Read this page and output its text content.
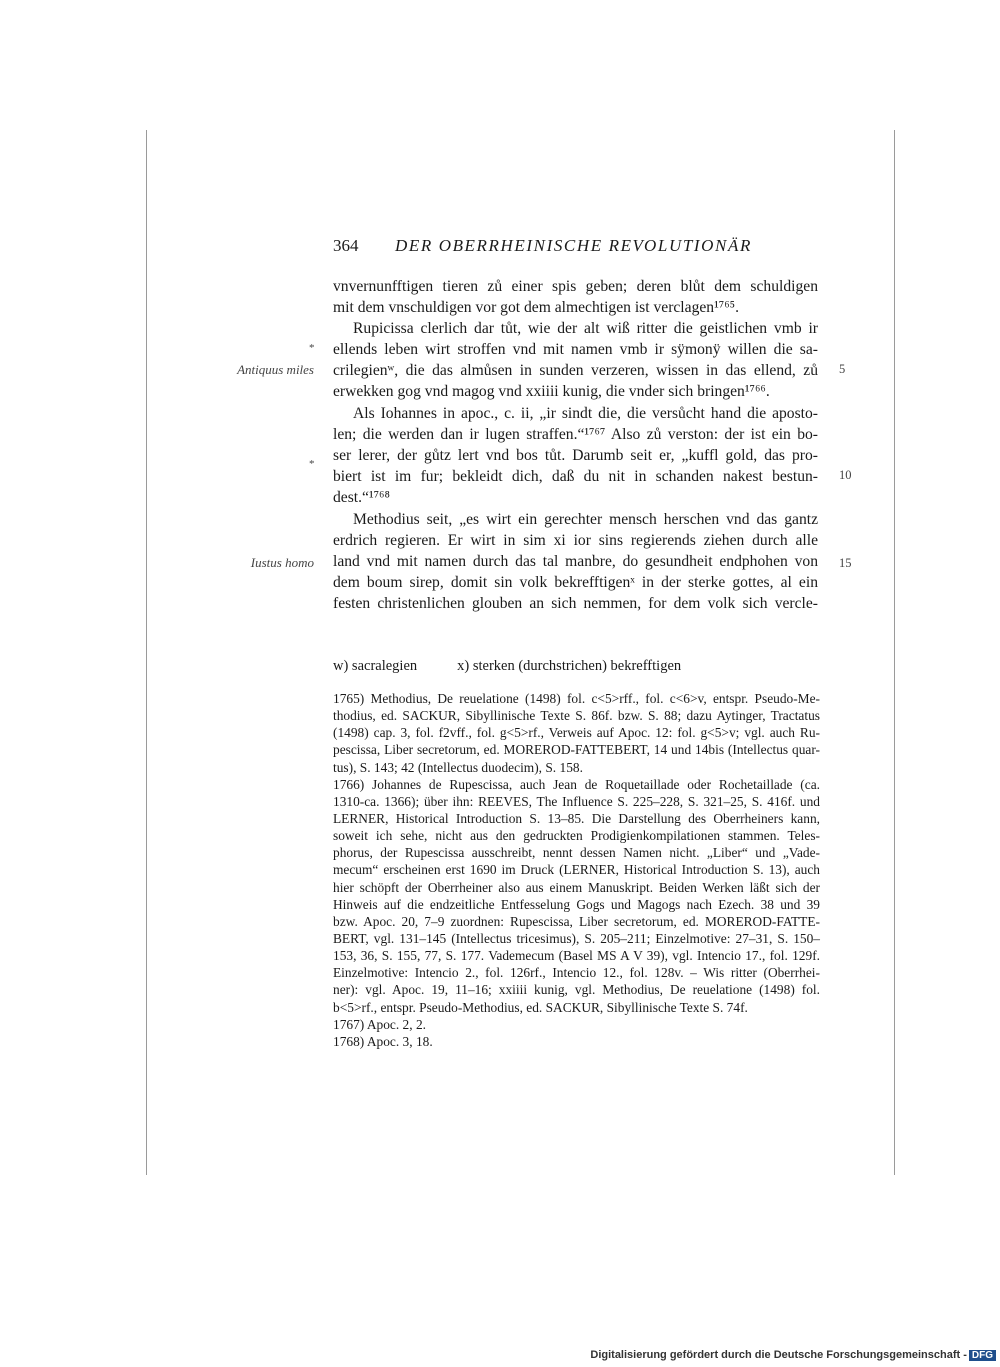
364 DER OBERRHEINISCHE REVOLUTIONÄR
vnvernunfftigen tieren zů einer spis geben; deren blůt dem schuldigen
mit dem vnschuldigen vor got dem almechtigen ist verclagen¹⁷⁶⁵.
Rupicissa clerlich dar tůt, wie der alt wiß ritter die geistlichen vmb ir
ellends leben wirt stroffen vnd mit namen vmb ir sÿmonÿ willen die sa-
crilegienʷ, die das almůsen in sunden verzeren, wissen in das ellend, zů
erwekken gog vnd magog vnd xxiiii kunig, die vnder sich bringen¹⁷⁶⁶.
Als Iohannes in apoc., c. ii, „ir sindt die, die versůcht hand die aposto-
len; die werden dan ir lugen straffen.“¹⁷⁶⁷ Also zů verston: der ist ein bo-
ser lerer, der gůtz lert vnd bos tůt. Darumb seit er, „kuffl gold, das pro-
biert ist im fur; bekleidt dich, daß du nit in schanden nakest bestun-
dest.“¹⁷⁶⁸
Methodius seit, „es wirt ein gerechter mensch herschen vnd das gantz
erdrich regieren. Er wirt in sim xi ior sins regierends ziehen durch alle
land vnd mit namen durch das tal manbre, do gesundheit endphohen von
dem boum sirep, domit sin volk bekrefftigenˣ in der sterke gottes, al ein
festen christenlichen glouben an sich nemmen, for dem volk sich vercle-
*
Antiquus miles
*
Iustus homo
5
10
15
w) sacralegien	x) sterken (durchstrichen) bekrefftigen
1765) Methodius, De reuelatione (1498) fol. c<5>rff., fol. c<6>v, entspr. Pseudo-Me-
thodius, ed. SACKUR, Sibyllinische Texte S. 86f. bzw. S. 88; dazu Aytinger, Tractatus
(1498) cap. 3, fol. f2vff., fol. g<5>rf., Verweis auf Apoc. 12: fol. g<5>v; vgl. auch Ru-
pescissa, Liber secretorum, ed. MOREROD-FATTEBERT, 14 und 14bis (Intellectus quar-
tus), S. 143; 42 (Intellectus duodecim), S. 158.
1766) Johannes de Rupescissa, auch Jean de Roquetaillade oder Rochetaillade (ca.
1310-ca. 1366); über ihn: REEVES, The Influence S. 225–228, S. 321–25, S. 416f. und
LERNER, Historical Introduction S. 13–85. Die Darstellung des Oberrheiners kann,
soweit ich sehe, nicht aus den gedruckten Prodigienkompilationen stammen. Teles-
phorus, der Rupescissa ausschreibt, nennt dessen Namen nicht. „Liber“ und „Vade-
mecum“ erscheinen erst 1690 im Druck (LERNER, Historical Introduction S. 13), auch
hier schöpft der Oberrheiner also aus einem Manuskript. Beiden Werken läßt sich der
Hinweis auf die endzeitliche Entfesselung Gogs und Magogs nach Ezech. 38 und 39
bzw. Apoc. 20, 7–9 zuordnen: Rupescissa, Liber secretorum, ed. MOREROD-FATTE-
BERT, vgl. 131–145 (Intellectus tricesimus), S. 205–211; Einzelmotive: 27–31, S. 150–
153, 36, S. 155, 77, S. 177. Vademecum (Basel MS A V 39), vgl. Intencio 17., fol. 129f.
Einzelmotive: Intencio 2., fol. 126rf., Intencio 12., fol. 128v. – Wis ritter (Oberrhei-
ner): vgl. Apoc. 19, 11–16; xxiiii kunig, vgl. Methodius, De reuelatione (1498) fol.
b<5>rf., entspr. Pseudo-Methodius, ed. SACKUR, Sibyllinische Texte S. 74f.
1767) Apoc. 2, 2.
1768) Apoc. 3, 18.
Digitalisierung gefördert durch die Deutsche Forschungsgemeinschaft - DFG
